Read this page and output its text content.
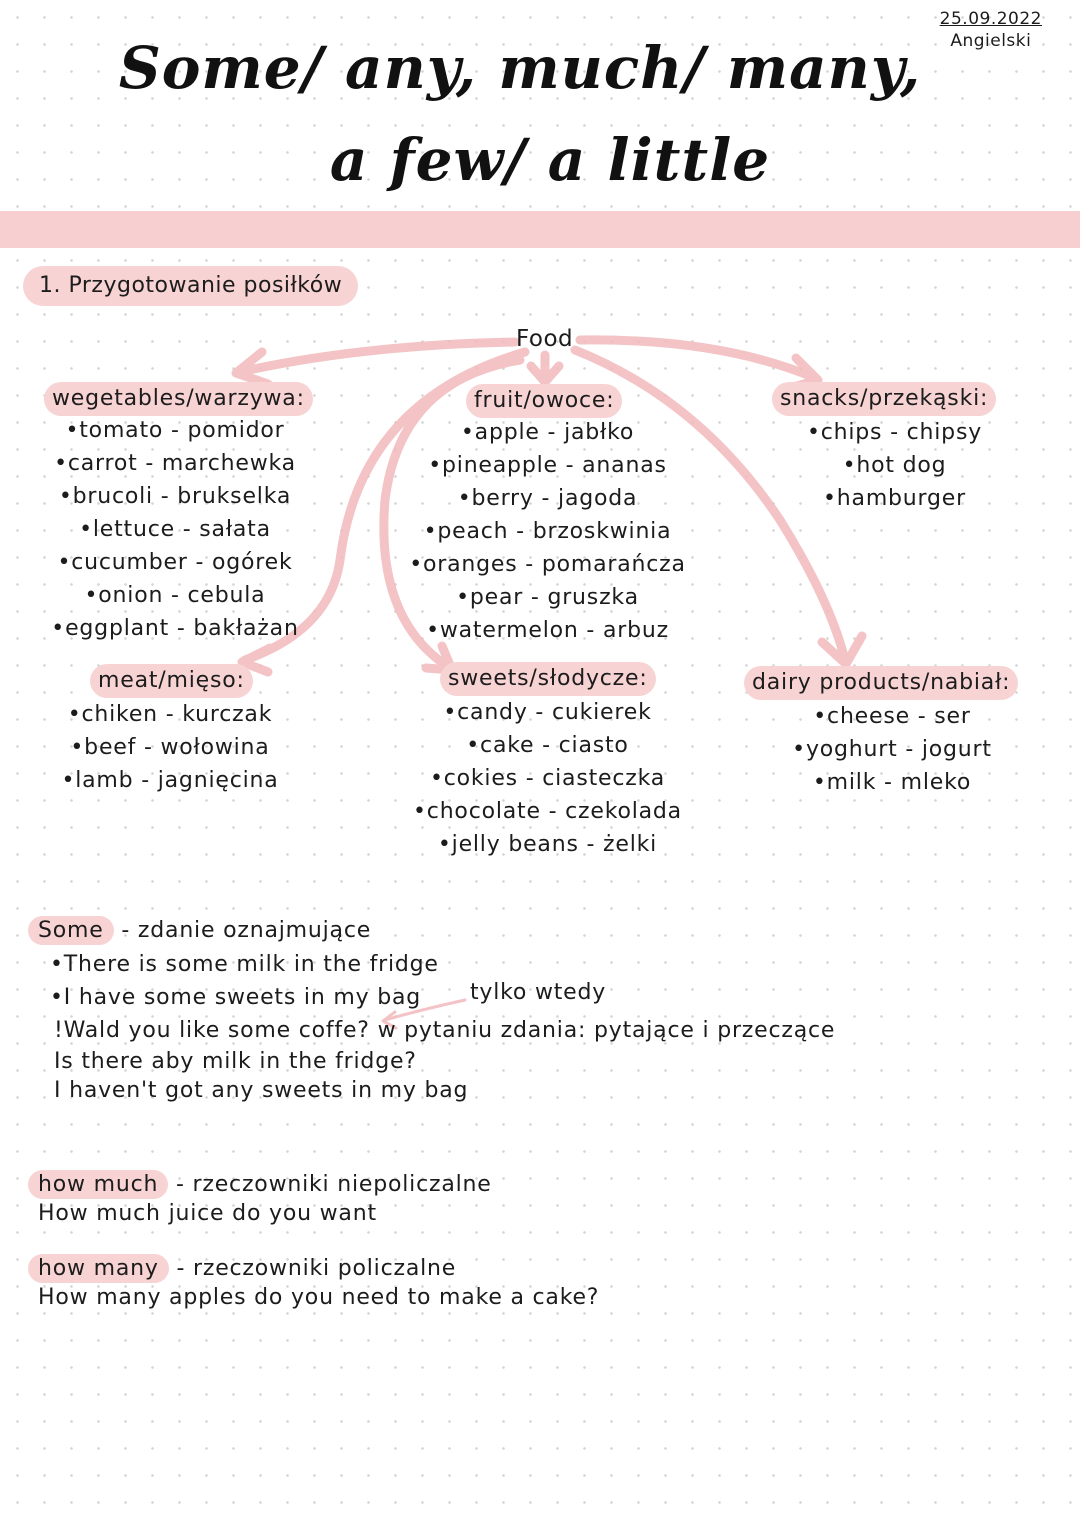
25.09.2022
Angielski
Some/ any, much/ many,
a few/ a little
1. Przygotowanie posiłków
Food
wegetables/warzywa:
•tomato - pomidor
•carrot - marchewka
•brucoli - brukselka
•lettuce - sałata
•cucumber - ogórek
•onion - cebula
•eggplant - bakłażan
fruit/owoce:
•apple - jabłko
•pineapple - ananas
•berry - jagoda
•peach - brzoskwinia
•oranges - pomarańcza
•pear - gruszka
•watermelon - arbuz
snacks/przekąski:
•chips - chipsy
•hot dog
•hamburger
meat/mięso:
•chiken - kurczak
•beef - wołowina
•lamb - jagnięcina
sweets/słodycze:
•candy - cukierek
•cake - ciasto
•cokies - ciasteczka
•chocolate - czekolada
•jelly beans - żelki
dairy products/nabiał:
•cheese - ser
•yoghurt - jogurt
•milk - mleko
Some - zdanie oznajmujące
•There is some milk in the fridge
•I have some sweets in my bag tylko wtedy
!Wald you like some coffe? w pytaniu zdania: pytające i przeczące
Is there aby milk in the fridge?
I haven't got any sweets in my bag
how much - rzeczowniki niepoliczalne
How much juice do you want
how many - rzeczowniki policzalne
How many apples do you need to make a cake?
